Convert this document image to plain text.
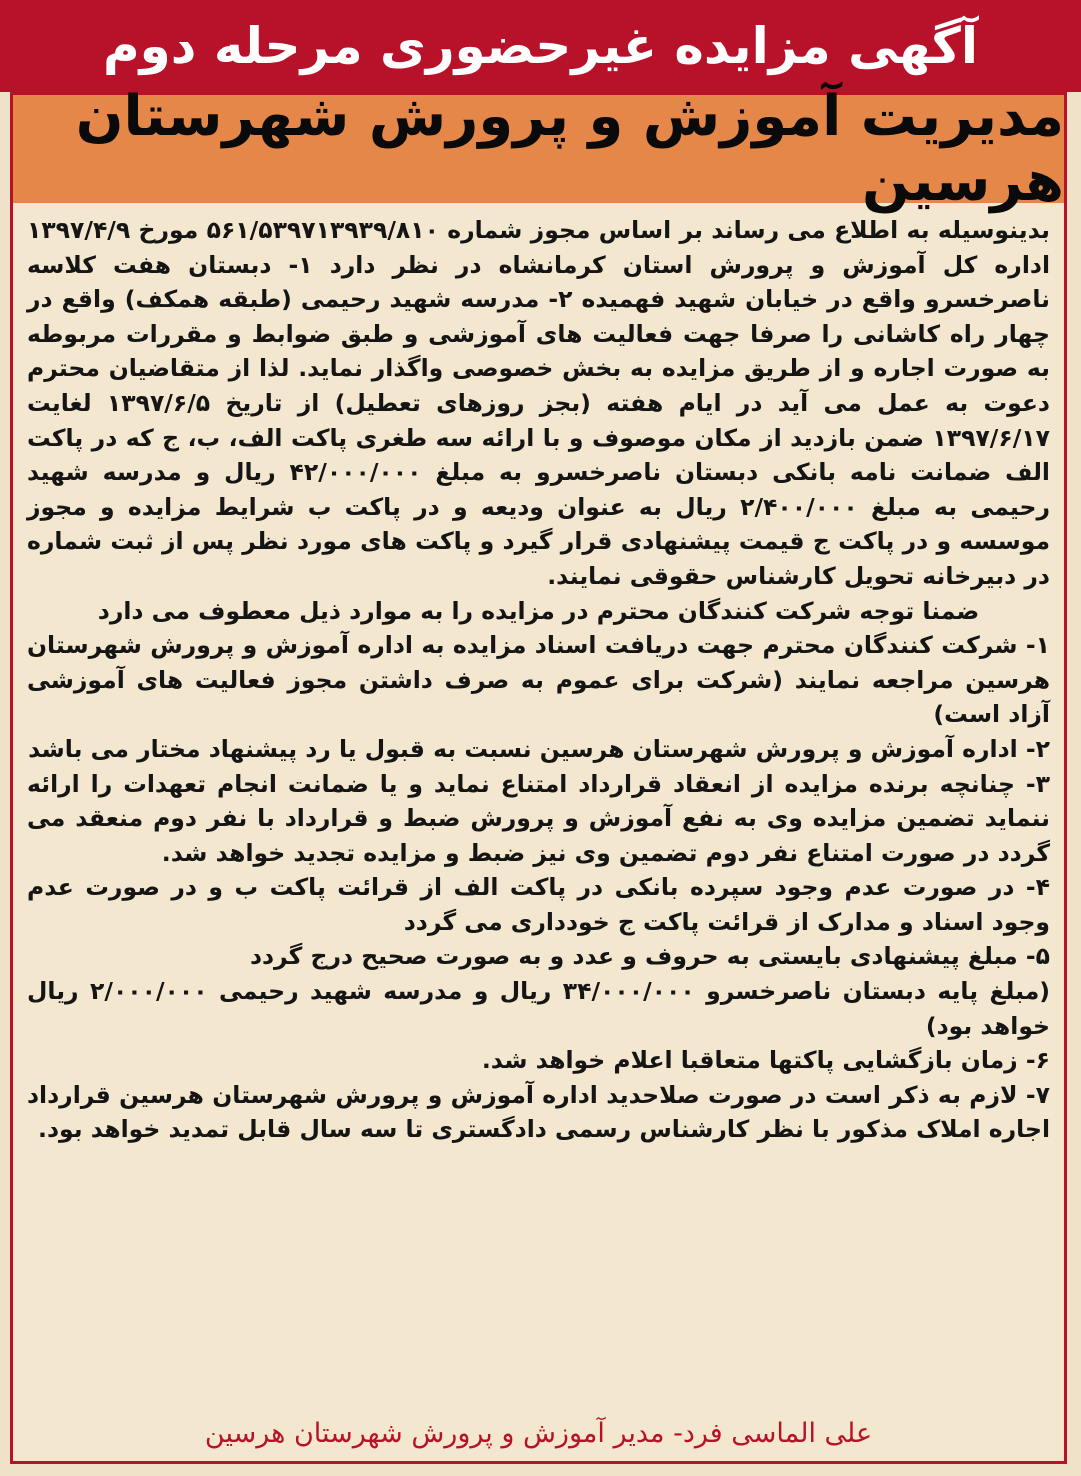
آگهی مزایده غیرحضوری مرحله دوم
مدیریت آموزش و پرورش شهرستان هرسین

بدینوسیله به اطلاع می رساند بر اساس مجوز شماره ۵۶۱/۵۳۹۷۱۳۹۳۹/۸۱۰ مورخ ۱۳۹۷/۴/۹ اداره کل آموزش و پرورش استان کرمانشاه در نظر دارد ۱- دبستان هفت کلاسه ناصرخسرو واقع در خیابان شهید فهمیده ۲- مدرسه شهید رحیمی (طبقه همکف) واقع در چهار راه کاشانی را صرفا جهت فعالیت های آموزشی و طبق ضوابط و مقررات مربوطه به صورت اجاره و از طریق مزایده به بخش خصوصی واگذار نماید. لذا از متقاضیان محترم دعوت به عمل می آید در ایام هفته (بجز روزهای تعطیل) از تاریخ ۱۳۹۷/۶/۵ لغایت ۱۳۹۷/۶/۱۷ ضمن بازدید از مکان موصوف و با ارائه سه طغری پاکت الف، ب، ج که در پاکت الف ضمانت نامه بانکی دبستان ناصرخسرو به مبلغ ۴۲/۰۰۰/۰۰۰ ریال و مدرسه شهید رحیمی به مبلغ ۲/۴۰۰/۰۰۰ ریال به عنوان ودیعه و در پاکت ب شرایط مزایده و مجوز موسسه و در پاکت ج قیمت پیشنهادی قرار گیرد و پاکت های مورد نظر پس از ثبت شماره در دبیرخانه تحویل کارشناس حقوقی نمایند.

ضمنا توجه شرکت کنندگان محترم در مزایده را به موارد ذیل معطوف می دارد

۱- شرکت کنندگان محترم جهت دریافت اسناد مزایده به اداره آموزش و پرورش شهرستان هرسین مراجعه نمایند (شرکت برای عموم به صرف داشتن مجوز فعالیت های آموزشی آزاد است)
۲- اداره آموزش و پرورش شهرستان هرسین نسبت به قبول یا رد پیشنهاد مختار می باشد
۳- چنانچه برنده مزایده از انعقاد قرارداد امتناع نماید و یا ضمانت انجام تعهدات را ارائه ننماید تضمین مزایده وی به نفع آموزش و پرورش ضبط و قرارداد با نفر دوم منعقد می گردد در صورت امتناع نفر دوم تضمین وی نیز ضبط و مزایده تجدید خواهد شد.
۴- در صورت عدم وجود سپرده بانکی در پاکت الف از قرائت پاکت ب و در صورت عدم وجود اسناد و مدارک از قرائت پاکت ج خودداری می گردد
۵- مبلغ پیشنهادی بایستی به حروف و عدد و به صورت صحیح درج گردد
(مبلغ پایه دبستان ناصرخسرو ۳۴/۰۰۰/۰۰۰ ریال و مدرسه شهید رحیمی ۲/۰۰۰/۰۰۰ ریال خواهد بود)
۶- زمان بازگشایی پاکتها متعاقبا اعلام خواهد شد.
۷- لازم به ذکر است در صورت صلاحدید اداره آموزش و پرورش شهرستان هرسین قرارداد اجاره املاک مذکور با نظر کارشناس رسمی دادگستری تا سه سال قابل تمدید خواهد بود.
علی الماسی فرد- مدیر آموزش و پرورش شهرستان هرسین
